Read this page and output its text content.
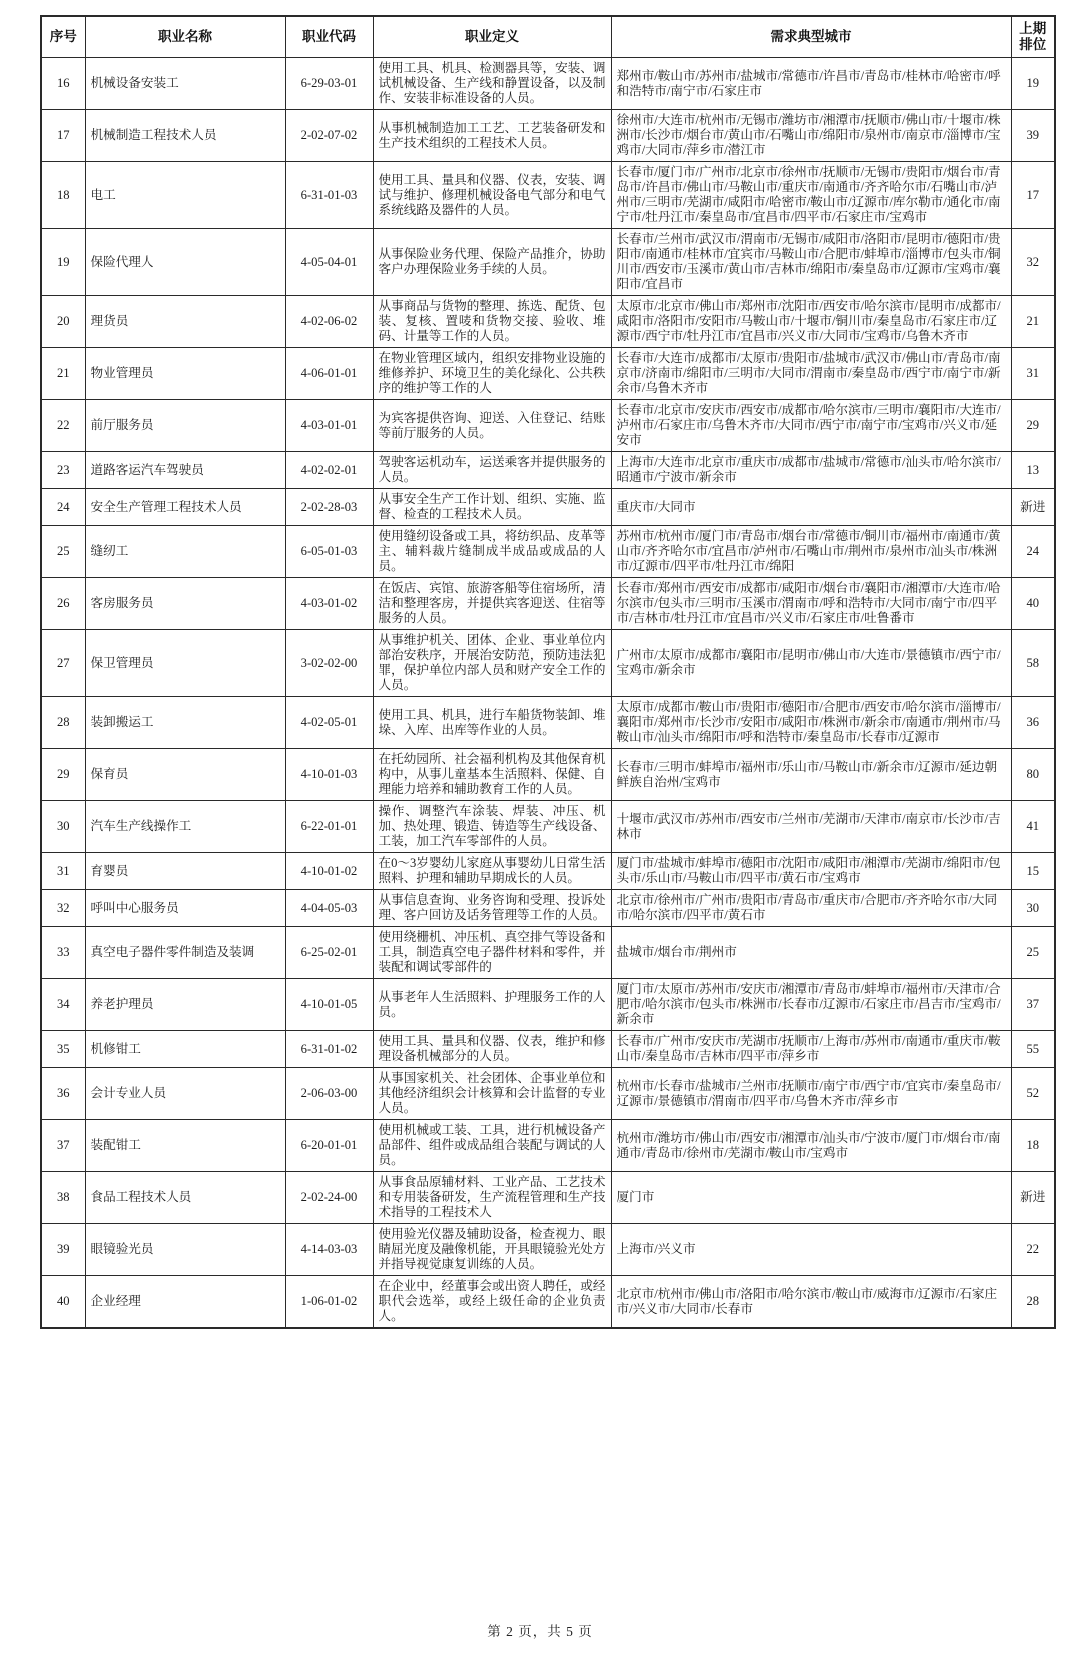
序号	职业名称	职业代码	职业定义	需求典型城市	上期排位
16	机械设备安装工	6-29-03-01	使用工具、机具、检测器具等，安装、调试机械设备、生产线和静置设备，以及制作、安装非标准设备的人员。	郑州市/鞍山市/苏州市/盐城市/常德市/许昌市/青岛市/桂林市/哈密市/呼和浩特市/南宁市/石家庄市	19
17	机械制造工程技术人员	2-02-07-02	从事机械制造加工工艺、工艺装备研发和生产技术组织的工程技术人员。	徐州市/大连市/杭州市/无锡市/潍坊市/湘潭市/抚顺市/佛山市/十堰市/株洲市/长沙市/烟台市/黄山市/石嘴山市/绵阳市/泉州市/南京市/淄博市/宝鸡市/大同市/萍乡市/潜江市	39
18	电工	6-31-01-03	使用工具、量具和仪器、仪表，安装、调试与维护、修理机械设备电气部分和电气系统线路及器件的人员。	长春市/厦门市/广州市/北京市/徐州市/抚顺市/无锡市/贵阳市/烟台市/青岛市/许昌市/佛山市/马鞍山市/重庆市/南通市/齐齐哈尔市/石嘴山市/泸州市/三明市/芜湖市/咸阳市/哈密市/鞍山市/辽源市/库尔勒市/通化市/南宁市/牡丹江市/秦皇岛市/宜昌市/四平市/石家庄市/宝鸡市	17
19	保险代理人	4-05-04-01	从事保险业务代理、保险产品推介，协助客户办理保险业务手续的人员。	长春市/兰州市/武汉市/渭南市/无锡市/咸阳市/洛阳市/昆明市/德阳市/贵阳市/南通市/桂林市/宜宾市/马鞍山市/合肥市/蚌埠市/淄博市/包头市/铜川市/西安市/玉溪市/黄山市/吉林市/绵阳市/秦皇岛市/辽源市/宝鸡市/襄阳市/宜昌市	32
20	理货员	4-02-06-02	从事商品与货物的整理、拣选、配货、包装、复核、置唛和货物交接、验收、堆码、计量等工作的人员。	太原市/北京市/佛山市/郑州市/沈阳市/西安市/哈尔滨市/昆明市/成都市/咸阳市/洛阳市/安阳市/马鞍山市/十堰市/铜川市/秦皇岛市/石家庄市/辽源市/西宁市/牡丹江市/宜昌市/兴义市/大同市/宝鸡市/乌鲁木齐市	21
21	物业管理员	4-06-01-01	在物业管理区域内，组织安排物业设施的维修养护、环境卫生的美化绿化、公共秩序的维护等工作的人	长春市/大连市/成都市/太原市/贵阳市/盐城市/武汉市/佛山市/青岛市/南京市/济南市/绵阳市/三明市/大同市/渭南市/秦皇岛市/西宁市/南宁市/新余市/乌鲁木齐市	31
22	前厅服务员	4-03-01-01	为宾客提供咨询、迎送、入住登记、结账等前厅服务的人员。	长春市/北京市/安庆市/西安市/成都市/哈尔滨市/三明市/襄阳市/大连市/泸州市/石家庄市/乌鲁木齐市/大同市/西宁市/南宁市/宝鸡市/兴义市/延安市	29
23	道路客运汽车驾驶员	4-02-02-01	驾驶客运机动车，运送乘客并提供服务的人员。	上海市/大连市/北京市/重庆市/成都市/盐城市/常德市/汕头市/哈尔滨市/昭通市/宁波市/新余市	13
24	安全生产管理工程技术人员	2-02-28-03	从事安全生产工作计划、组织、实施、监督、检查的工程技术人员。	重庆市/大同市	新进
25	缝纫工	6-05-01-03	使用缝纫设备或工具，将纺织品、皮革等主、辅料裁片缝制成半成品或成品的人员。	苏州市/杭州市/厦门市/青岛市/烟台市/常德市/铜川市/福州市/南通市/黄山市/齐齐哈尔市/宜昌市/泸州市/石嘴山市/荆州市/泉州市/汕头市/株洲市/辽源市/四平市/牡丹江市/绵阳	24
26	客房服务员	4-03-01-02	在饭店、宾馆、旅游客船等住宿场所，清洁和整理客房，并提供宾客迎送、住宿等服务的人员。	长春市/郑州市/西安市/成都市/咸阳市/烟台市/襄阳市/湘潭市/大连市/哈尔滨市/包头市/三明市/玉溪市/渭南市/呼和浩特市/大同市/南宁市/四平市/吉林市/牡丹江市/宜昌市/兴义市/石家庄市/吐鲁番市	40
27	保卫管理员	3-02-02-00	从事维护机关、团体、企业、事业单位内部治安秩序，开展治安防范，预防违法犯罪，保护单位内部人员和财产安全工作的人员。	广州市/太原市/成都市/襄阳市/昆明市/佛山市/大连市/景德镇市/西宁市/宝鸡市/新余市	58
28	装卸搬运工	4-02-05-01	使用工具、机具，进行车船货物装卸、堆垛、入库、出库等作业的人员。	太原市/成都市/鞍山市/贵阳市/德阳市/合肥市/西安市/哈尔滨市/淄博市/襄阳市/郑州市/长沙市/安阳市/咸阳市/株洲市/新余市/南通市/荆州市/马鞍山市/汕头市/绵阳市/呼和浩特市/秦皇岛市/长春市/辽源市	36
29	保育员	4-10-01-03	在托幼园所、社会福利机构及其他保育机构中，从事儿童基本生活照料、保健、自理能力培养和辅助教育工作的人员。	长春市/三明市/蚌埠市/福州市/乐山市/马鞍山市/新余市/辽源市/延边朝鲜族自治州/宝鸡市	80
30	汽车生产线操作工	6-22-01-01	操作、调整汽车涂装、焊装、冲压、机加、热处理、锻造、铸造等生产线设备、工装，加工汽车零部件的人员。	十堰市/武汉市/苏州市/西安市/兰州市/芜湖市/天津市/南京市/长沙市/吉林市	41
31	育婴员	4-10-01-02	在0～3岁婴幼儿家庭从事婴幼儿日常生活照料、护理和辅助早期成长的人员。	厦门市/盐城市/蚌埠市/德阳市/沈阳市/咸阳市/湘潭市/芜湖市/绵阳市/包头市/乐山市/马鞍山市/四平市/黄石市/宝鸡市	15
32	呼叫中心服务员	4-04-05-03	从事信息查询、业务咨询和受理、投诉处理、客户回访及话务管理等工作的人员。	北京市/徐州市/广州市/贵阳市/青岛市/重庆市/合肥市/齐齐哈尔市/大同市/哈尔滨市/四平市/黄石市	30
33	真空电子器件零件制造及装调	6-25-02-01	使用绕栅机、冲压机、真空排气等设备和工具，制造真空电子器件材料和零件，并装配和调试零部件的	盐城市/烟台市/荆州市	25
34	养老护理员	4-10-01-05	从事老年人生活照料、护理服务工作的人员。	厦门市/太原市/苏州市/安庆市/湘潭市/青岛市/蚌埠市/福州市/天津市/合肥市/哈尔滨市/包头市/株洲市/长春市/辽源市/石家庄市/昌吉市/宝鸡市/新余市	37
35	机修钳工	6-31-01-02	使用工具、量具和仪器、仪表，维护和修理设备机械部分的人员。	长春市/广州市/安庆市/芜湖市/抚顺市/上海市/苏州市/南通市/重庆市/鞍山市/秦皇岛市/吉林市/四平市/萍乡市	55
36	会计专业人员	2-06-03-00	从事国家机关、社会团体、企事业单位和其他经济组织会计核算和会计监督的专业人员。	杭州市/长春市/盐城市/兰州市/抚顺市/南宁市/西宁市/宜宾市/秦皇岛市/辽源市/景德镇市/渭南市/四平市/乌鲁木齐市/萍乡市	52
37	装配钳工	6-20-01-01	使用机械或工装、工具，进行机械设备产品部件、组件或成品组合装配与调试的人员。	杭州市/潍坊市/佛山市/西安市/湘潭市/汕头市/宁波市/厦门市/烟台市/南通市/青岛市/徐州市/芜湖市/鞍山市/宝鸡市	18
38	食品工程技术人员	2-02-24-00	从事食品原辅材料、工业产品、工艺技术和专用装备研发，生产流程管理和生产技术指导的工程技术人	厦门市	新进
39	眼镜验光员	4-14-03-03	使用验光仪器及辅助设备，检查视力、眼睛屈光度及融像机能，开具眼镜验光处方并指导视觉康复训练的人员。	上海市/兴义市	22
40	企业经理	1-06-01-02	在企业中，经董事会或出资人聘任，或经职代会选举，或经上级任命的企业负责人。	北京市/杭州市/佛山市/洛阳市/哈尔滨市/鞍山市/威海市/辽源市/石家庄市/兴义市/大同市/长春市	28
第 2 页，共 5 页
